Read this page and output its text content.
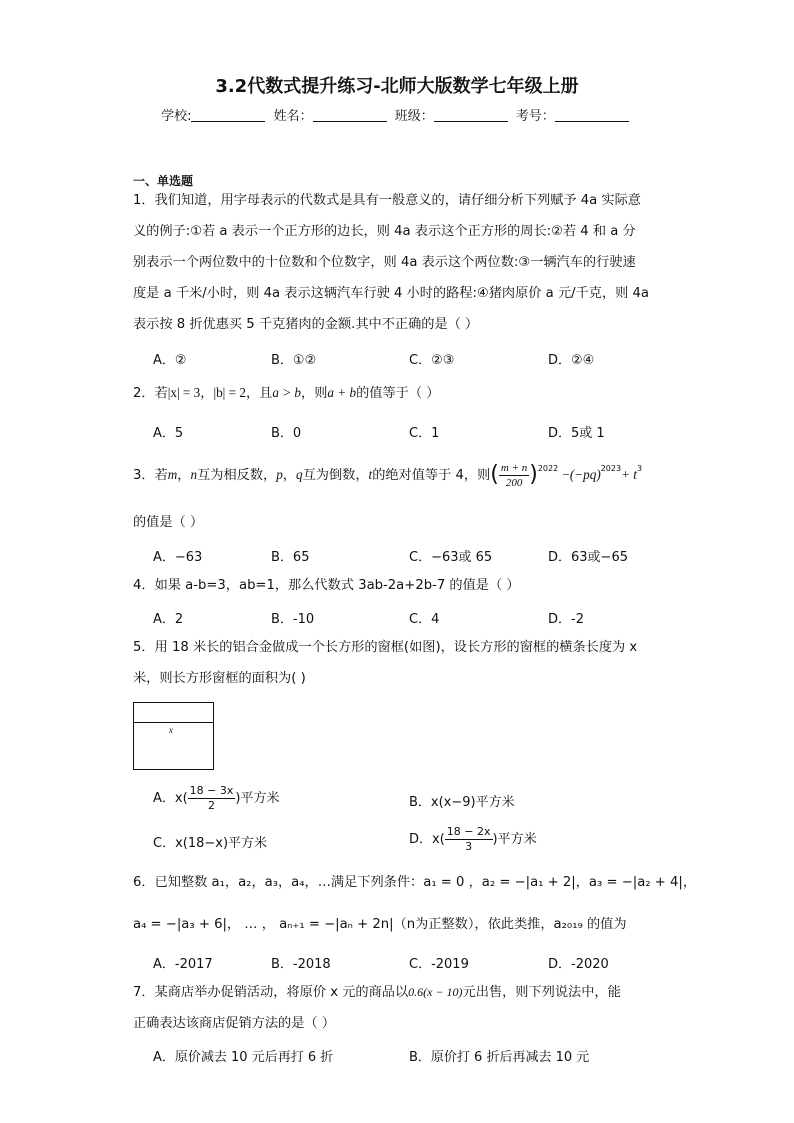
3.2代数式提升练习-北师大版数学七年级上册
学校:	姓名：	班级：	考号：
一、单选题
1．我们知道，用字母表示的代数式是具有一般意义的，请仔细分析下列赋予 4a 实际意
义的例子:①若 a 表示一个正方形的边长，则 4a 表示这个正方形的周长:②若 4 和 a 分
别表示一个两位数中的十位数和个位数字，则 4a 表示这个两位数:③一辆汽车的行驶速
度是 a 千米/小时，则 4a 表示这辆汽车行驶 4 小时的路程:④猪肉原价 a 元/千克，则 4a
表示按 8 折优惠买 5 千克猪肉的金额.其中不正确的是（ ）
A．②	B．①②	C．②③	D．②④
2．若|x| = 3，|b| = 2，且a > b，则a + b的值等于（ ）
A．5	B．0	C．1	D．5或 1
3．若m，n互为相反数，p，q互为倒数，t的绝对值等于 4，则( $\frac{m + n}{200} )^{2022} -(-pq)^{2023}+ t^3$
的值是（ ）
A．−63	B．65	C．−63或 65	D．63或−65
4．如果 a-b=3，ab=1，那么代数式 3ab-2a+2b-7 的值是（ ）
A．2	B．-10	C．4	D．-2
5．用 18 米长的铝合金做成一个长方形的窗框(如图)，设长方形的窗框的横条长度为 x
米，则长方形窗框的面积为( )
x
A．$x( \frac{18 - 3x}{2}$ )平方米	B．x(x−9)平方米
C．x(18−x)平方米	D．$x( \frac{18 - 2x}{3}$ )平方米
6．已知整数 a₁，a₂，a₃，a₄，…满足下列条件：a₁ = 0 ，a₂ = −|a₁ + 2|，a₃ = −|a₂ + 4|，
a₄ = −|a₃ + 6|， … ， aₙ₊₁ = −|aₙ + 2n|（n为正整数），依此类推，a₂₀₁₉ 的值为
A．-2017	B．-2018	C．-2019	D．-2020
7．某商店举办促销活动，将原价 x 元的商品以0.6(x − 10)元出售，则下列说法中，能
正确表达该商店促销方法的是（ ）
A．原价减去 10 元后再打 6 折	B．原价打 6 折后再减去 10 元
